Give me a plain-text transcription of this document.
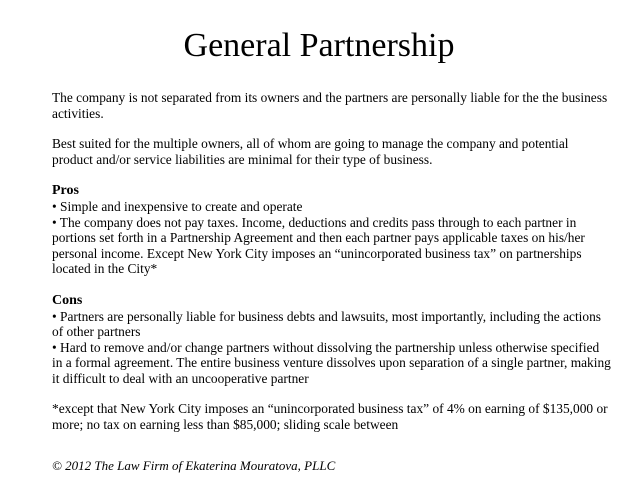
General Partnership

The company is not separated from its owners and the partners are personally liable for the the business activities.

Best suited for the multiple owners, all of whom are going to manage the company and potential product and/or service liabilities are minimal for their type of business.

Pros

• Simple and inexpensive to create and operate

• The company does not pay taxes. Income, deductions and credits pass through to each partner in portions set forth in a Partnership Agreement and then each partner pays applicable taxes on his/her personal income. Except New York City imposes an “unincorporated business tax” on partnerships located in the City*

Cons

• Partners are personally liable for business debts and lawsuits, most importantly, including the actions of other partners

• Hard to remove and/or change partners without dissolving the partnership unless otherwise specified in a formal agreement. The entire business venture dissolves upon separation of a single partner, making it difficult to deal with an uncooperative partner

*except that New York City imposes an “unincorporated business tax” of 4% on earning of $135,000 or more; no tax on earning less than $85,000; sliding scale between

© 2012 The Law Firm of Ekaterina Mouratova, PLLC
